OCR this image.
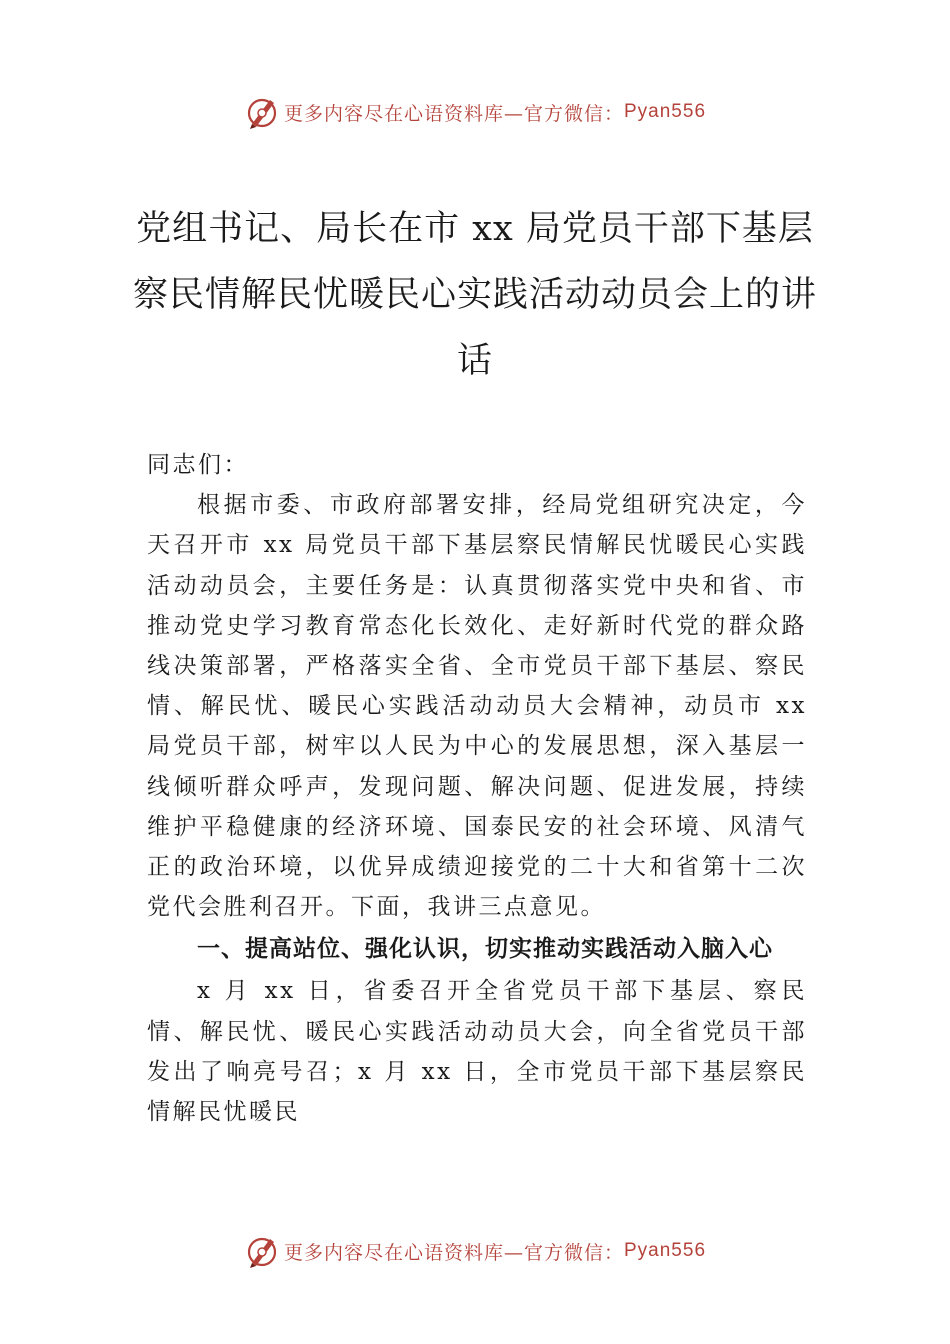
更多内容尽在心语资料库—官方微信： Pyan556
党组书记、局长在市 xx 局党员干部下基层察民情解民忧暖民心实践活动动员会上的讲话

同志们：

根据市委、市政府部署安排，经局党组研究决定，今天召开市 xx 局党员干部下基层察民情解民忧暖民心实践活动动员会，主要任务是：认真贯彻落实党中央和省、市推动党史学习教育常态化长效化、走好新时代党的群众路线决策部署，严格落实全省、全市党员干部下基层、察民情、解民忧、暖民心实践活动动员大会精神，动员市 xx 局党员干部，树牢以人民为中心的发展思想，深入基层一线倾听群众呼声，发现问题、解决问题、促进发展，持续维护平稳健康的经济环境、国泰民安的社会环境、风清气正的政治环境，以优异成绩迎接党的二十大和省第十二次党代会胜利召开。下面，我讲三点意见。

一、提高站位、强化认识，切实推动实践活动入脑入心

x 月 xx 日，省委召开全省党员干部下基层、察民情、解民忧、暖民心实践活动动员大会，向全省党员干部发出了响亮号召；x 月 xx 日，全市党员干部下基层察民情解民忧暖民

更多内容尽在心语资料库—官方微信： Pyan556
